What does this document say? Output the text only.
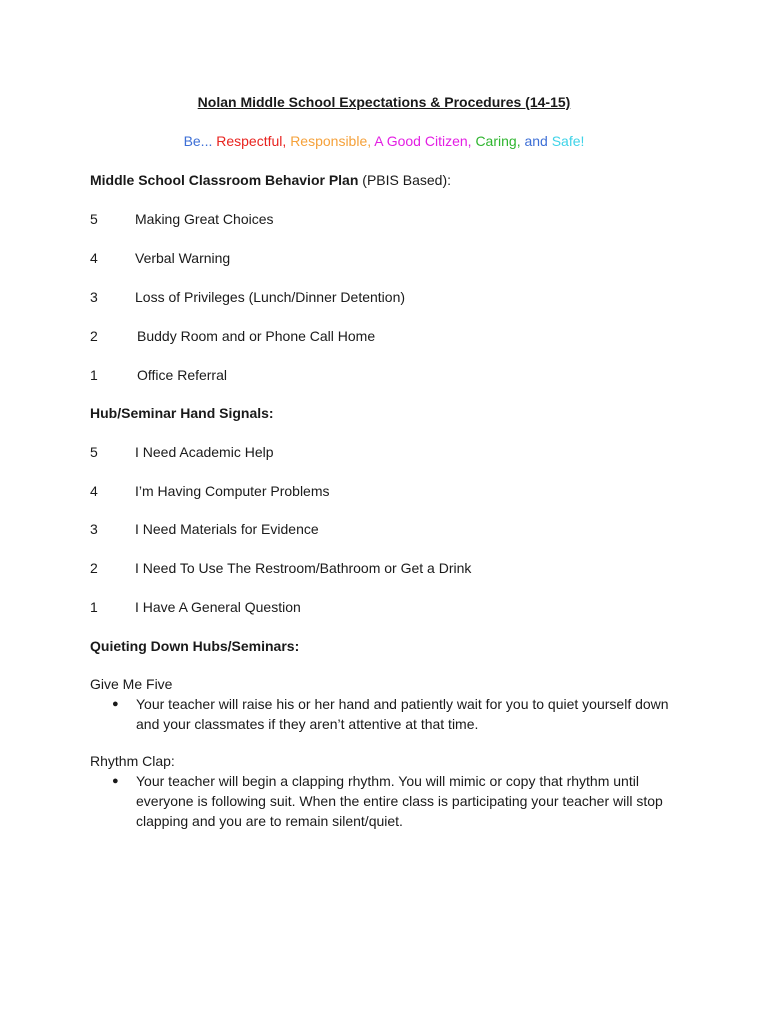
Nolan Middle School Expectations & Procedures (14-15)
Be... Respectful, Responsible, A Good Citizen, Caring, and Safe!
Middle School Classroom Behavior Plan (PBIS Based):
5	Making Great Choices
4	Verbal Warning
3	Loss of Privileges (Lunch/Dinner Detention)
2	Buddy Room and or Phone Call Home
1	Office Referral
Hub/Seminar Hand Signals:
5	I Need Academic Help
4	I’m Having Computer Problems
3	I Need Materials for Evidence
2	I Need To Use The Restroom/Bathroom or Get a Drink
1	I Have A General Question
Quieting Down Hubs/Seminars:
Give Me Five
● Your teacher will raise his or her hand and patiently wait for you to quiet yourself down and your classmates if they aren’t attentive at that time.
Rhythm Clap:
● Your teacher will begin a clapping rhythm. You will mimic or copy that rhythm until everyone is following suit. When the entire class is participating your teacher will stop clapping and you are to remain silent/quiet.
